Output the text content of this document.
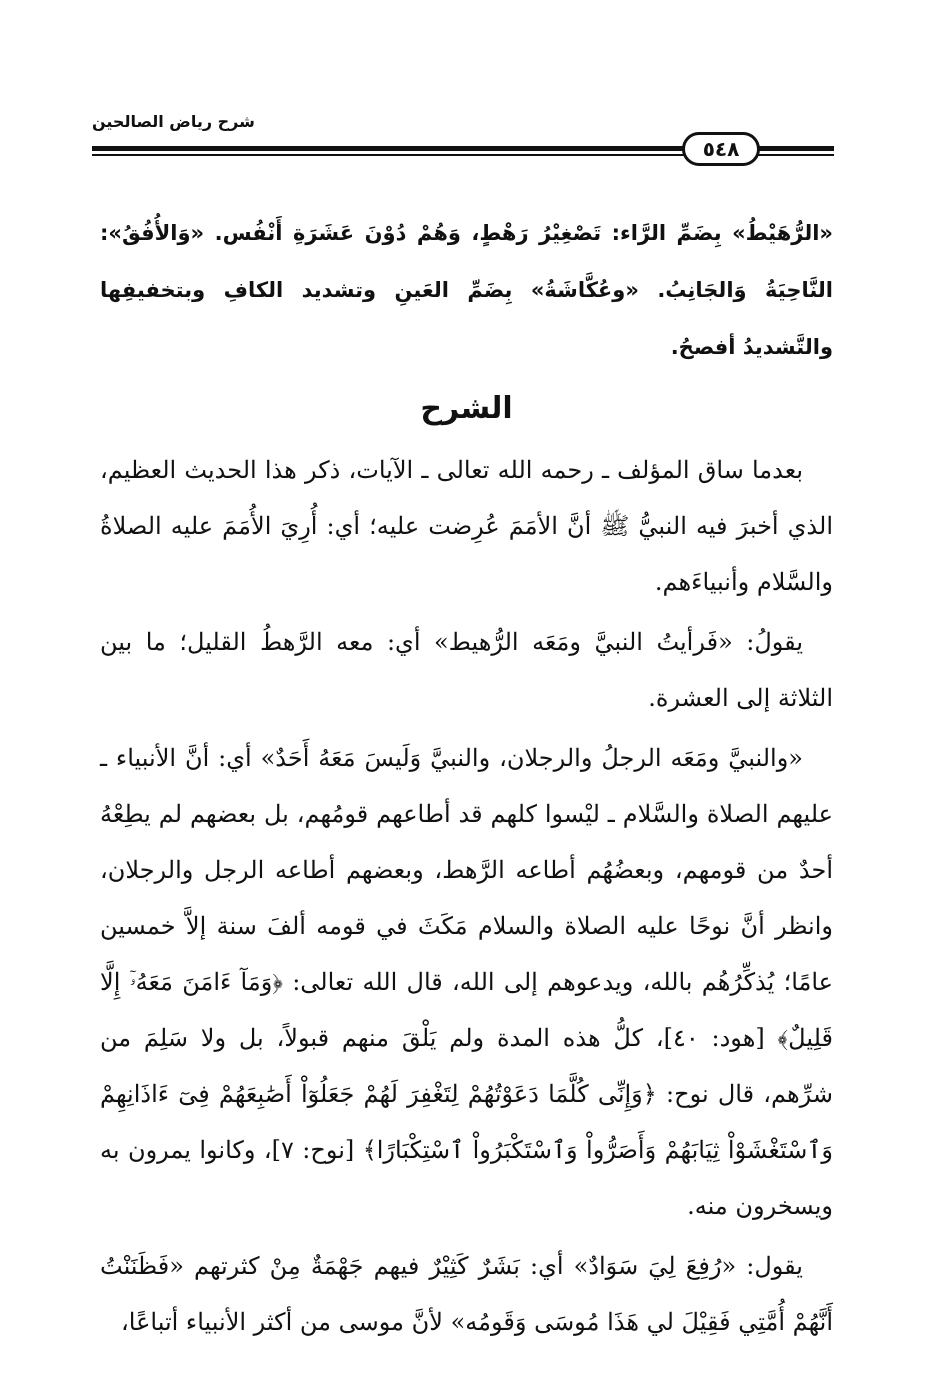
شرح رياض الصالحين
٥٤٨

«الرُّهَيْطُ» بِضَمِّ الرَّاء: تَصْغِيْرُ رَهْطٍ، وَهُمْ دُوْنَ عَشَرَةِ أَنْفُس. «وَالأُفُقُ»: النَّاحِيَةُ وَالجَانِبُ. «وعُكَّاشَةُ» بِضَمِّ العَينِ وتشديد الكافِ وبتخفيفِها والتَّشديدُ أفصحُ.

الشرح

بعدما ساق المؤلف ـ رحمه الله تعالى ـ الآيات، ذكر هذا الحديث العظيم، الذي أخبرَ فيه النبيُّ ﷺ أنَّ الأمَمَ عُرِضت عليه؛ أي: أُرِيَ الأُمَمَ عليه الصلاةُ والسَّلام وأنبياءَهم.

يقولُ: «فَرأيتُ النبيَّ ومَعَه الرُّهيط» أي: معه الرَّهطُ القليل؛ ما بين الثلاثة إلى العشرة.

«والنبيَّ ومَعَه الرجلُ والرجلان، والنبيَّ وَلَيسَ مَعَهُ أَحَدٌ» أي: أنَّ الأنبياء ـ عليهم الصلاة والسَّلام ـ ليْسوا كلهم قد أطاعهم قومُهم، بل بعضهم لم يطِعْهُ أحدٌ من قومهم، وبعضُهُم أطاعه الرَّهط، وبعضهم أطاعه الرجل والرجلان، وانظر أنَّ نوحًا عليه الصلاة والسلام مَكَثَ في قومه ألفَ سنة إلاَّ خمسين عامًا؛ يُذكِّرُهُم بالله، ويدعوهم إلى الله، قال الله تعالى: ﴿وَمَآ ءَامَنَ مَعَهُۥٓ إِلَّا قَلِيلٌ﴾ [هود: ٤٠]، كلُّ هذه المدة ولم يَلْقَ منهم قبولاً، بل ولا سَلِمَ من شرِّهم، قال نوح: ﴿وَإِنِّى كُلَّمَا دَعَوْتُهُمْ لِتَغْفِرَ لَهُمْ جَعَلُوٓاْ أَصَٰبِعَهُمْ فِىٓ ءَاذَانِهِمْ وَٱسْتَغْشَوْاْ ثِيَابَهُمْ وَأَصَرُّواْ وَٱسْتَكْبَرُواْ ٱسْتِكْبَارًا﴾ [نوح: ٧]، وكانوا يمرون به ويسخرون منه.

يقول: «رُفِعَ لِيَ سَوَادٌ» أي: بَشَرٌ كَثِيْرٌ فيهم جَهْمَةٌ مِنْ كثرتهم «فَظَنَنْتُ أَنَّهُمْ أُمَّتِي فَقِيْلَ لي هَذَا مُوسَى وَقَومُه» لأنَّ موسى من أكثر الأنبياء أتباعًا،
